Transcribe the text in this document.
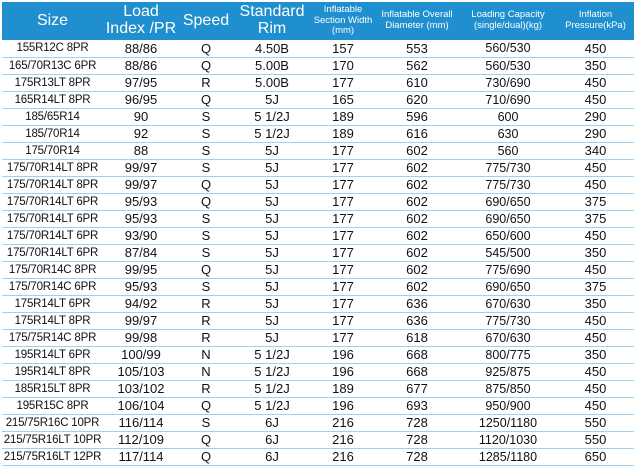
Size	Load Index /PR	Speed	Standard Rim	Inflatable Section Width (mm)	Inflatable Overall Diameter (mm)	Loading Capacity (single/dual)(kg)	Inflation Pressure(kPa)
155R12C 8PR	88/86	Q	4.50B	157	553	560/530	450
165/70R13C 6PR	88/86	Q	5.00B	170	562	560/530	350
175R13LT 8PR	97/95	R	5.00B	177	610	730/690	450
165R14LT 8PR	96/95	Q	5J	165	620	710/690	450
185/65R14	90	S	5 1/2J	189	596	600	290
185/70R14	92	S	5 1/2J	189	616	630	290
175/70R14	88	S	5J	177	602	560	340
175/70R14LT 8PR	99/97	S	5J	177	602	775/730	450
175/70R14LT 8PR	99/97	Q	5J	177	602	775/730	450
175/70R14LT 6PR	95/93	Q	5J	177	602	690/650	375
175/70R14LT 6PR	95/93	S	5J	177	602	690/650	375
175/70R14LT 6PR	93/90	S	5J	177	602	650/600	450
175/70R14LT 6PR	87/84	S	5J	177	602	545/500	350
175/70R14C 8PR	99/95	Q	5J	177	602	775/690	450
175/70R14C 6PR	95/93	S	5J	177	602	690/650	375
175R14LT 6PR	94/92	R	5J	177	636	670/630	350
175R14LT 8PR	99/97	R	5J	177	636	775/730	450
175/75R14C 8PR	99/98	R	5J	177	618	670/630	450
195R14LT 6PR	100/99	N	5 1/2J	196	668	800/775	350
195R14LT 8PR	105/103	N	5 1/2J	196	668	925/875	450
185R15LT 8PR	103/102	R	5 1/2J	189	677	875/850	450
195R15C 8PR	106/104	Q	5 1/2J	196	693	950/900	450
215/75R16C 10PR	116/114	S	6J	216	728	1250/1180	550
215/75R16LT 10PR	112/109	Q	6J	216	728	1120/1030	550
215/75R16LT 12PR	117/114	Q	6J	216	728	1285/1180	650
